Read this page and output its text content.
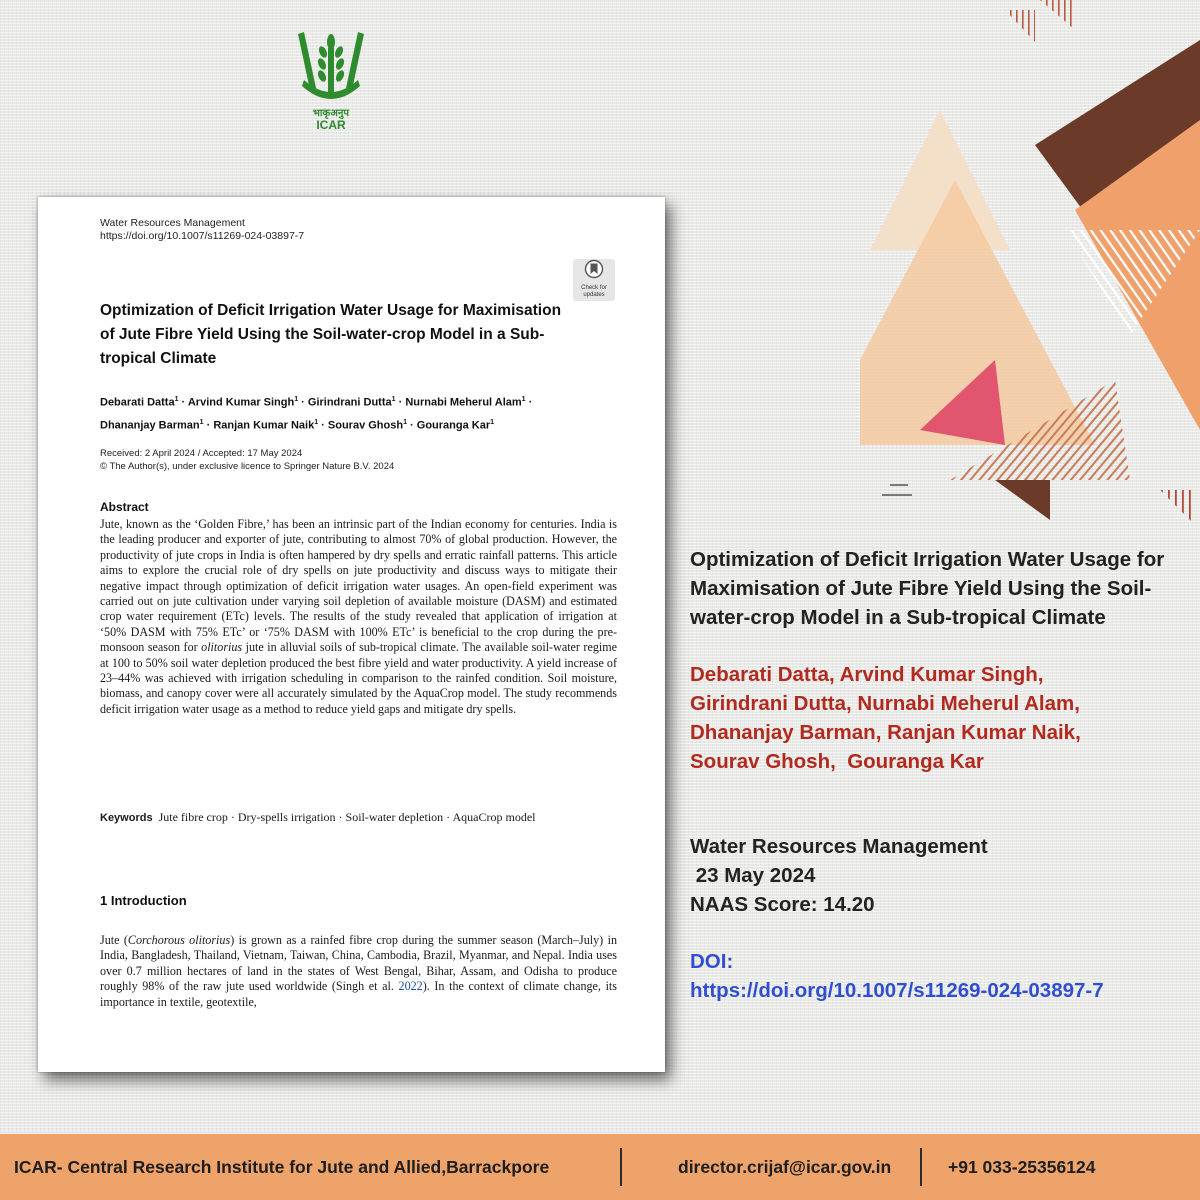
भाकृअनुप
ICAR
Water Resources Management
https://doi.org/10.1007/s11269-024-03897-7
Check for updates
Optimization of Deficit Irrigation Water Usage for Maximisation of Jute Fibre Yield Using the Soil-water-crop Model in a Sub-tropical Climate
Debarati Datta$^1$ · Arvind Kumar Singh$^1$ · Girindrani Dutta$^1$ · Nurnabi Meherul Alam$^1$ ·
Dhananjay Barman$^1$ · Ranjan Kumar Naik$^1$ · Sourav Ghosh$^1$ · Gouranga Kar$^1$
Received: 2 April 2024 / Accepted: 17 May 2024
© The Author(s), under exclusive licence to Springer Nature B.V. 2024
Abstract
Jute, known as the ‘Golden Fibre,’ has been an intrinsic part of the Indian economy for centuries. India is the leading producer and exporter of jute, contributing to almost 70% of global production. However, the productivity of jute crops in India is often hampered by dry spells and erratic rainfall patterns. This article aims to explore the crucial role of dry spells on jute productivity and discuss ways to mitigate their negative impact through optimization of deficit irrigation water usages. An open-field experiment was carried out on jute cultivation under varying soil depletion of available moisture (DASM) and estimated crop water requirement (ETc) levels. The results of the study revealed that application of irrigation at ‘50% DASM with 75% ETc’ or ‘75% DASM with 100% ETc’ is beneficial to the crop during the pre-monsoon season for olitorius jute in alluvial soils of sub-tropical climate. The available soil-water regime at 100 to 50% soil water depletion produced the best fibre yield and water productivity. A yield increase of 23–44% was achieved with irrigation scheduling in comparison to the rainfed condition. Soil moisture, biomass, and canopy cover were all accurately simulated by the AquaCrop model. The study recommends deficit irrigation water usage as a method to reduce yield gaps and mitigate dry spells.
Keywords Jute fibre crop · Dry-spells irrigation · Soil-water depletion · AquaCrop model
1 Introduction
Jute (Corchorous olitorius) is grown as a rainfed fibre crop during the summer season (March–July) in India, Bangladesh, Thailand, Vietnam, Taiwan, China, Cambodia, Brazil, Myanmar, and Nepal. India uses over 0.7 million hectares of land in the states of West Bengal, Bihar, Assam, and Odisha to produce roughly 98% of the raw jute used worldwide (Singh et al. 2022). In the context of climate change, its importance in textile, geotextile,
Optimization of Deficit Irrigation Water Usage for Maximisation of Jute Fibre Yield Using the Soil-water-crop Model in a Sub-tropical Climate
Debarati Datta, Arvind Kumar Singh,
Girindrani Dutta, Nurnabi Meherul Alam,
Dhananjay Barman, Ranjan Kumar Naik,
Sourav Ghosh,  Gouranga Kar
Water Resources Management
23 May 2024
NAAS Score: 14.20
DOI:
https://doi.org/10.1007/s11269-024-03897-7
ICAR- Central Research Institute for Jute and Allied,Barrackpore	director.crijaf@icar.gov.in	+91 033-25356124
